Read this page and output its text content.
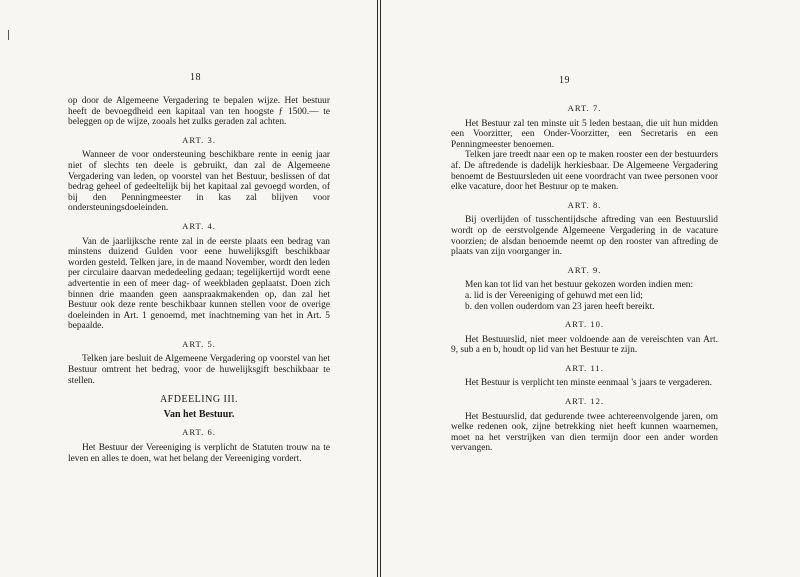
18

op door de Algemeene Vergadering te bepalen wijze. Het bestuur heeft de bevoegdheid een kapitaal van ten hoogste ƒ 1500.— te beleggen op de wijze, zooals het zulks geraden zal achten.

ART. 3.

Wanneer de voor ondersteuning beschikbare rente in eenig jaar niet of slechts ten deele is gebruikt, dan zal de Algemeene Vergadering van leden, op voorstel van het Bestuur, beslissen of dat bedrag geheel of gedeeltelijk bij het kapitaal zal gevoegd worden, of bij den Penningmeester in kas zal blijven voor ondersteuningsdoeleinden.

ART. 4.

Van de jaarlijksche rente zal in de eerste plaats een bedrag van minstens duizend Gulden voor eene huwelijksgift beschikbaar worden gesteld. Telken jare, in de maand November, wordt den leden per circulaire daarvan mededeeling gedaan; tegelijkertijd wordt eene advertentie in een of meer dag- of weekbladen geplaatst. Doen zich binnen drie maanden geen aanspraakmakenden op, dan zal het Bestuur ook deze rente beschikbaar kunnen stellen voor de overige doeleinden in Art. 1 genoemd, met inachtneming van het in Art. 5 bepaalde.

ART. 5.

Telken jare besluit de Algemeene Vergadering op voorstel van het Bestuur omtrent het bedrag, voor de huwelijksgift beschikbaar te stellen.

AFDEELING III.
Van het Bestuur.
ART. 6.

Het Bestuur der Vereeniging is verplicht de Statuten trouw na te leven en alles te doen, wat het belang der Vereeniging vordert.

19
ART. 7.

Het Bestuur zal ten minste uit 5 leden bestaan, die uit hun midden een Voorzitter, een Onder-Voorzitter, een Secretaris en een Penningmeester benoemen.

Telken jare treedt naar een op te maken rooster een der bestuurders af. De aftredende is dadelijk herkiesbaar. De Algemeene Vergadering benoemt de Bestuursleden uit eene voordracht van twee personen voor elke vacature, door het Bestuur op te maken.

ART. 8.

Bij overlijden of tusschentijdsche aftreding van een Bestuurslid wordt op de eerstvolgende Algemeene Vergadering in de vacature voorzien; de alsdan benoemde neemt op den rooster van aftreding de plaats van zijn voorganger in.

ART. 9.

Men kan tot lid van het bestuur gekozen worden indien men:

a. lid is der Vereeniging of gehuwd met een lid;

b. den vollen ouderdom van 23 jaren heeft bereikt.

ART. 10.

Het Bestuurslid, niet meer voldoende aan de vereischten van Art. 9, sub a en b, houdt op lid van het Bestuur te zijn.

ART. 11.

Het Bestuur is verplicht ten minste eenmaal 's jaars te vergaderen.

ART. 12.

Het Bestuurslid, dat gedurende twee achtereenvolgende jaren, om welke redenen ook, zijne betrekking niet heeft kunnen waarnemen, moet na het verstrijken van dien termijn door een ander worden vervangen.
